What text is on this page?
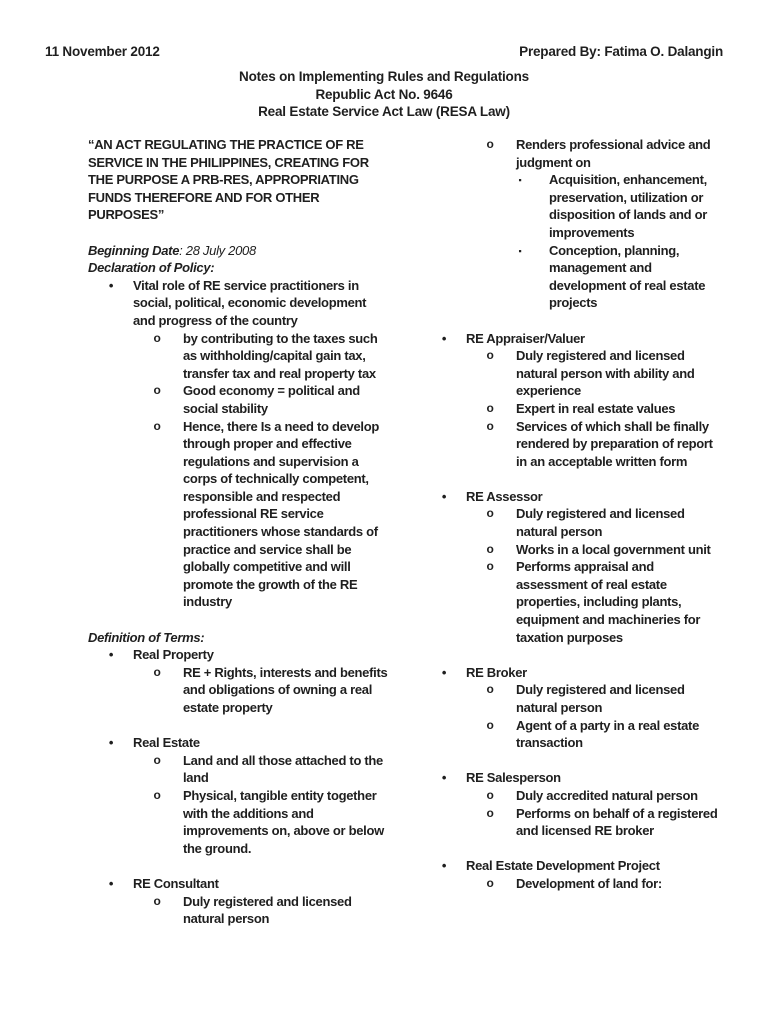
11 November 2012	Prepared By: Fatima O. Dalangin
Notes on Implementing Rules and Regulations
Republic Act No. 9646
Real Estate Service Act Law (RESA Law)
“AN ACT REGULATING THE PRACTICE OF RE SERVICE IN THE PHILIPPINES, CREATING FOR THE PURPOSE A PRB-RES, APPROPRIATING FUNDS THEREFORE AND FOR OTHER PURPOSES”
Beginning Date: 28 July 2008
Declaration of Policy:
•	Vital role of RE service practitioners in social, political, economic development and progress of the country
o by contributing to the taxes such as withholding/capital gain tax, transfer tax and real property tax
o Good economy = political and social stability
o Hence, there Is a need to develop through proper and effective regulations and supervision a corps of technically competent, responsible and respected professional RE service practitioners whose standards of practice and service shall be globally competitive and will promote the growth of the RE industry
Definition of Terms:
•	Real Property
o RE + Rights, interests and benefits and obligations of owning a real estate property
•	Real Estate
o Land and all those attached to the land
o Physical, tangible entity together with the additions and improvements on, above or below the ground.
•	RE Consultant
o Duly registered and licensed natural person
o Renders professional advice and judgment on
▪	Acquisition, enhancement, preservation, utilization or disposition of lands and or improvements
▪	Conception, planning, management and development of real estate projects
•	RE Appraiser/Valuer
o Duly registered and licensed natural person with ability and experience
o Expert in real estate values
o Services of which shall be finally rendered by preparation of report in an acceptable written form
•	RE Assessor
o Duly registered and licensed natural person
o Works in a local government unit
o Performs appraisal and assessment of real estate properties, including plants, equipment and machineries for taxation purposes
•	RE Broker
o Duly registered and licensed natural person
o Agent of a party in a real estate transaction
•	RE Salesperson
o Duly accredited natural person
o Performs on behalf of a registered and licensed RE broker
•	Real Estate Development Project
o Development of land for:
